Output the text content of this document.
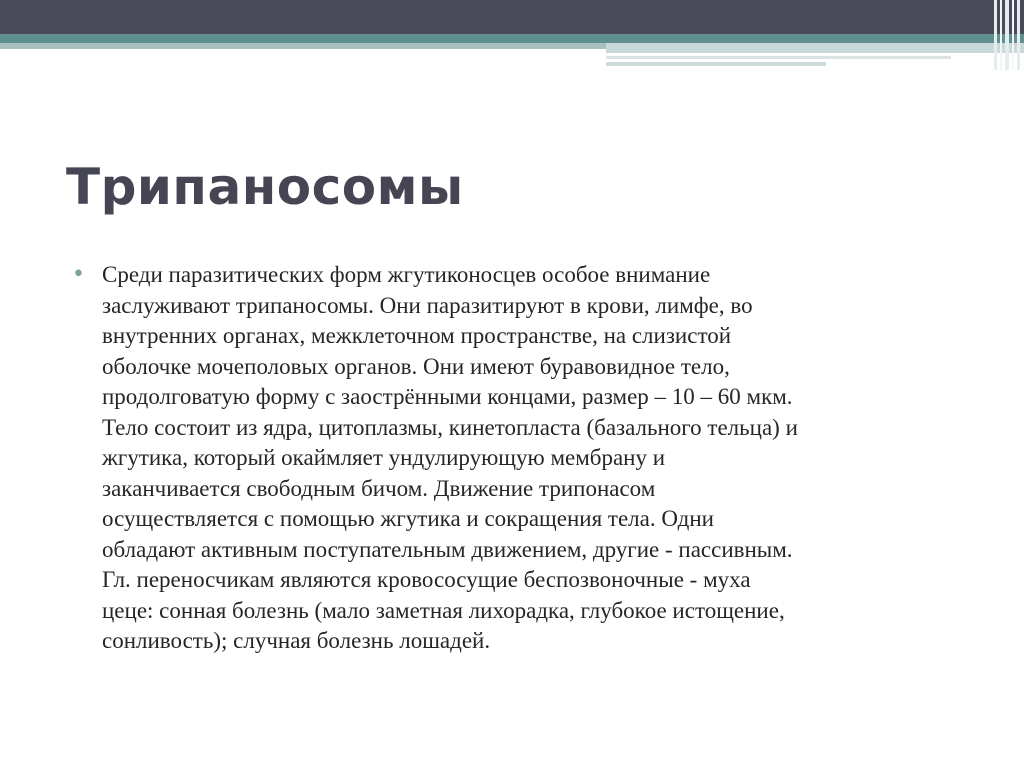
Трипаносомы
• Среди паразитических форм жгутиконосцев особое внимание
заслуживают трипаносомы. Они паразитируют в крови, лимфе, во
внутренних органах, межклеточном пространстве, на слизистой
оболочке мочеполовых органов. Они имеют буравовидное тело,
продолговатую форму с заострёнными концами, размер – 10 – 60 мкм.
Тело состоит из ядра, цитоплазмы, кинетопласта (базального тельца) и
жгутика, который окаймляет ундулирующую мембрану и
заканчивается свободным бичом. Движение трипонасом
осуществляется с помощью жгутика и сокращения тела. Одни
обладают активным поступательным движением, другие - пассивным.
Гл. переносчикам являются кровососущие беспозвоночные - муха
цеце: сонная болезнь (мало заметная лихорадка, глубокое истощение,
сонливость); случная болезнь лошадей.
